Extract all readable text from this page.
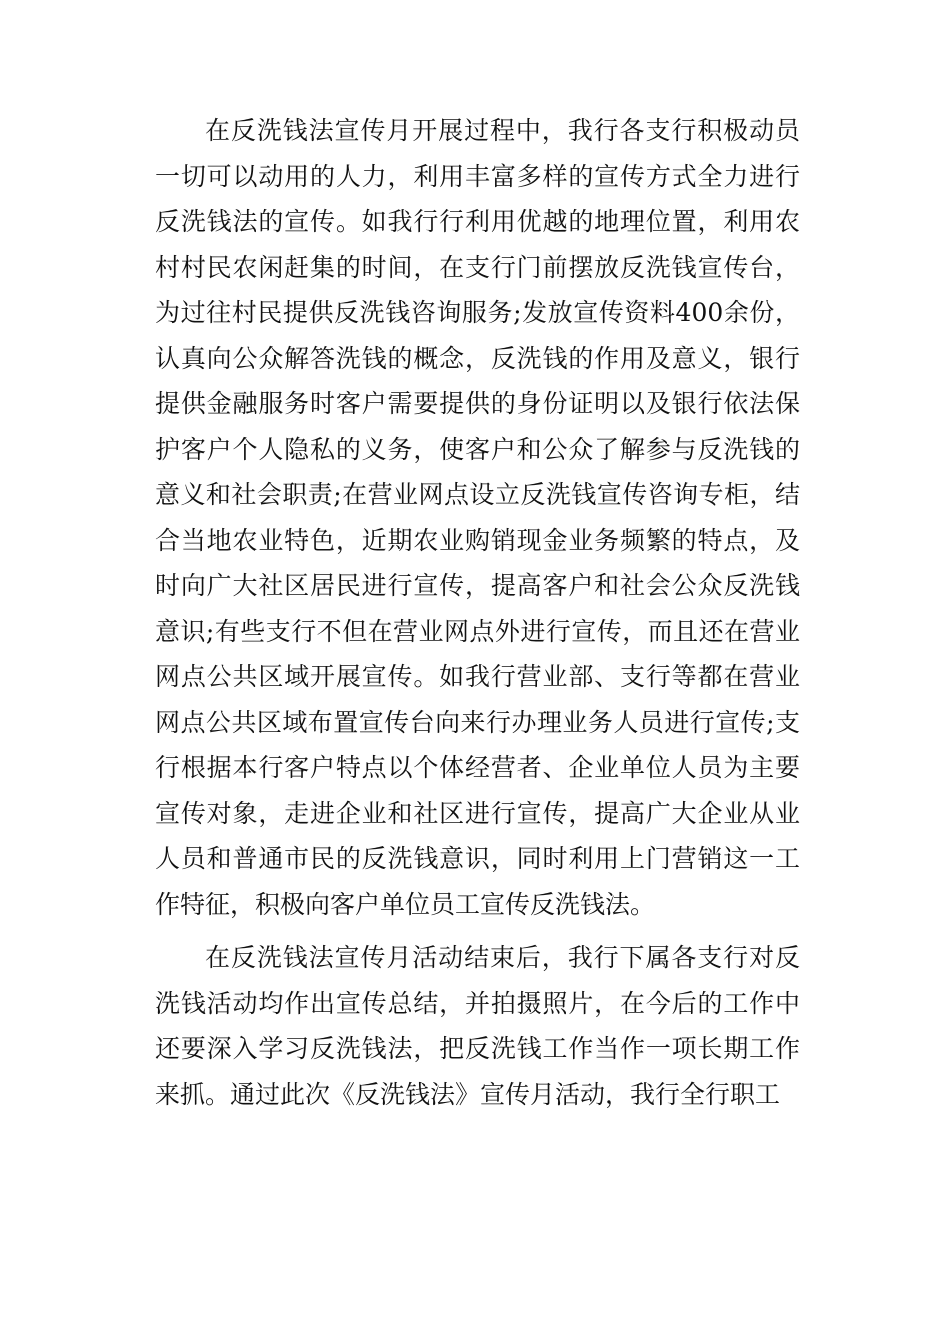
在反洗钱法宣传月开展过程中，我行各支行积极动员一切可以动用的人力，利用丰富多样的宣传方式全力进行反洗钱法的宣传。如我行行利用优越的地理位置，利用农村村民农闲赶集的时间，在支行门前摆放反洗钱宣传台，为过往村民提供反洗钱咨询服务;发放宣传资料400余份，认真向公众解答洗钱的概念，反洗钱的作用及意义，银行提供金融服务时客户需要提供的身份证明以及银行依法保护客户个人隐私的义务，使客户和公众了解参与反洗钱的意义和社会职责;在营业网点设立反洗钱宣传咨询专柜，结合当地农业特色，近期农业购销现金业务频繁的特点，及时向广大社区居民进行宣传，提高客户和社会公众反洗钱意识;有些支行不但在营业网点外进行宣传，而且还在营业网点公共区域开展宣传。如我行营业部、支行等都在营业网点公共区域布置宣传台向来行办理业务人员进行宣传;支行根据本行客户特点以个体经营者、企业单位人员为主要宣传对象，走进企业和社区进行宣传，提高广大企业从业人员和普通市民的反洗钱意识，同时利用上门营销这一工作特征，积极向客户单位员工宣传反洗钱法。

在反洗钱法宣传月活动结束后，我行下属各支行对反洗钱活动均作出宣传总结，并拍摄照片，在今后的工作中还要深入学习反洗钱法，把反洗钱工作当作一项长期工作来抓。通过此次《反洗钱法》宣传月活动，我行全行职工
